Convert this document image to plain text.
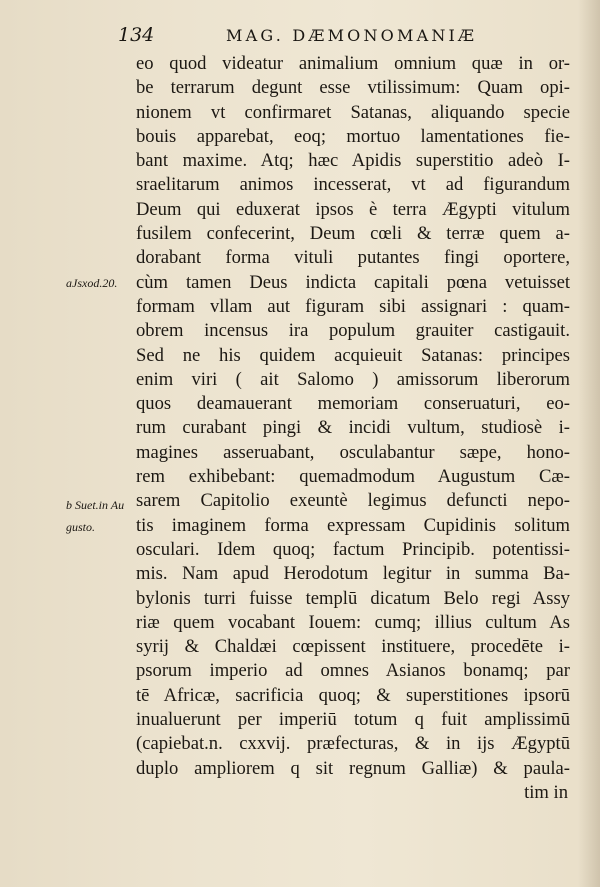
134	MAG. DÆMONOMANIÆ
aJsxod.20.
b Suet.in Au
gusto.
eo quod videatur animalium omnium quæ in or-
be terrarum degunt esse vtilissimum: Quam opi-
nionem vt confirmaret Satanas, aliquando specie
bouis apparebat, eoq; mortuo lamentationes fie-
bant maxime. Atq; hæc Apidis superstitio adeò I-
sraelitarum animos incesserat, vt ad figurandum
Deum qui eduxerat ipsos è terra Ægypti vitulum
fusilem confecerint, Deum cœli & terræ quem a-
dorabant forma vituli putantes fingi oportere,
cùm tamen Deus indicta capitali pœna vetuisset
formam vllam aut figuram sibi assignari : quam-
obrem incensus ira populum grauiter castigauit.
Sed ne his quidem acquieuit Satanas: principes
enim viri ( ait Salomo ) amissorum liberorum
quos deamauerant memoriam conseruaturi, eo-
rum curabant pingi & incidi vultum, studiosè i-
magines asseruabant, osculabantur sæpe, hono-
rem exhibebant: quemadmodum Augustum Cæ-
sarem Capitolio exeuntè legimus defuncti nepo-
tis imaginem forma expressam Cupidinis solitum
osculari. Idem quoq; factum Principib. potentissi-
mis. Nam apud Herodotum legitur in summa Ba-
bylonis turri fuisse templū dicatum Belo regi Assy
riæ quem vocabant Iouem: cumq; illius cultum As
syrij & Chaldæi cœpissent instituere, procedēte i-
psorum imperio ad omnes Asianos bonamq; par
tē Africæ, sacrificia quoq; & superstitiones ipsorū
inualuerunt per imperiū totum q fuit amplissimū
(capiebat.n. cxxvij. præfecturas, & in ijs Ægyptū
duplo ampliorem q sit regnum Galliæ) & paula-
tim in
